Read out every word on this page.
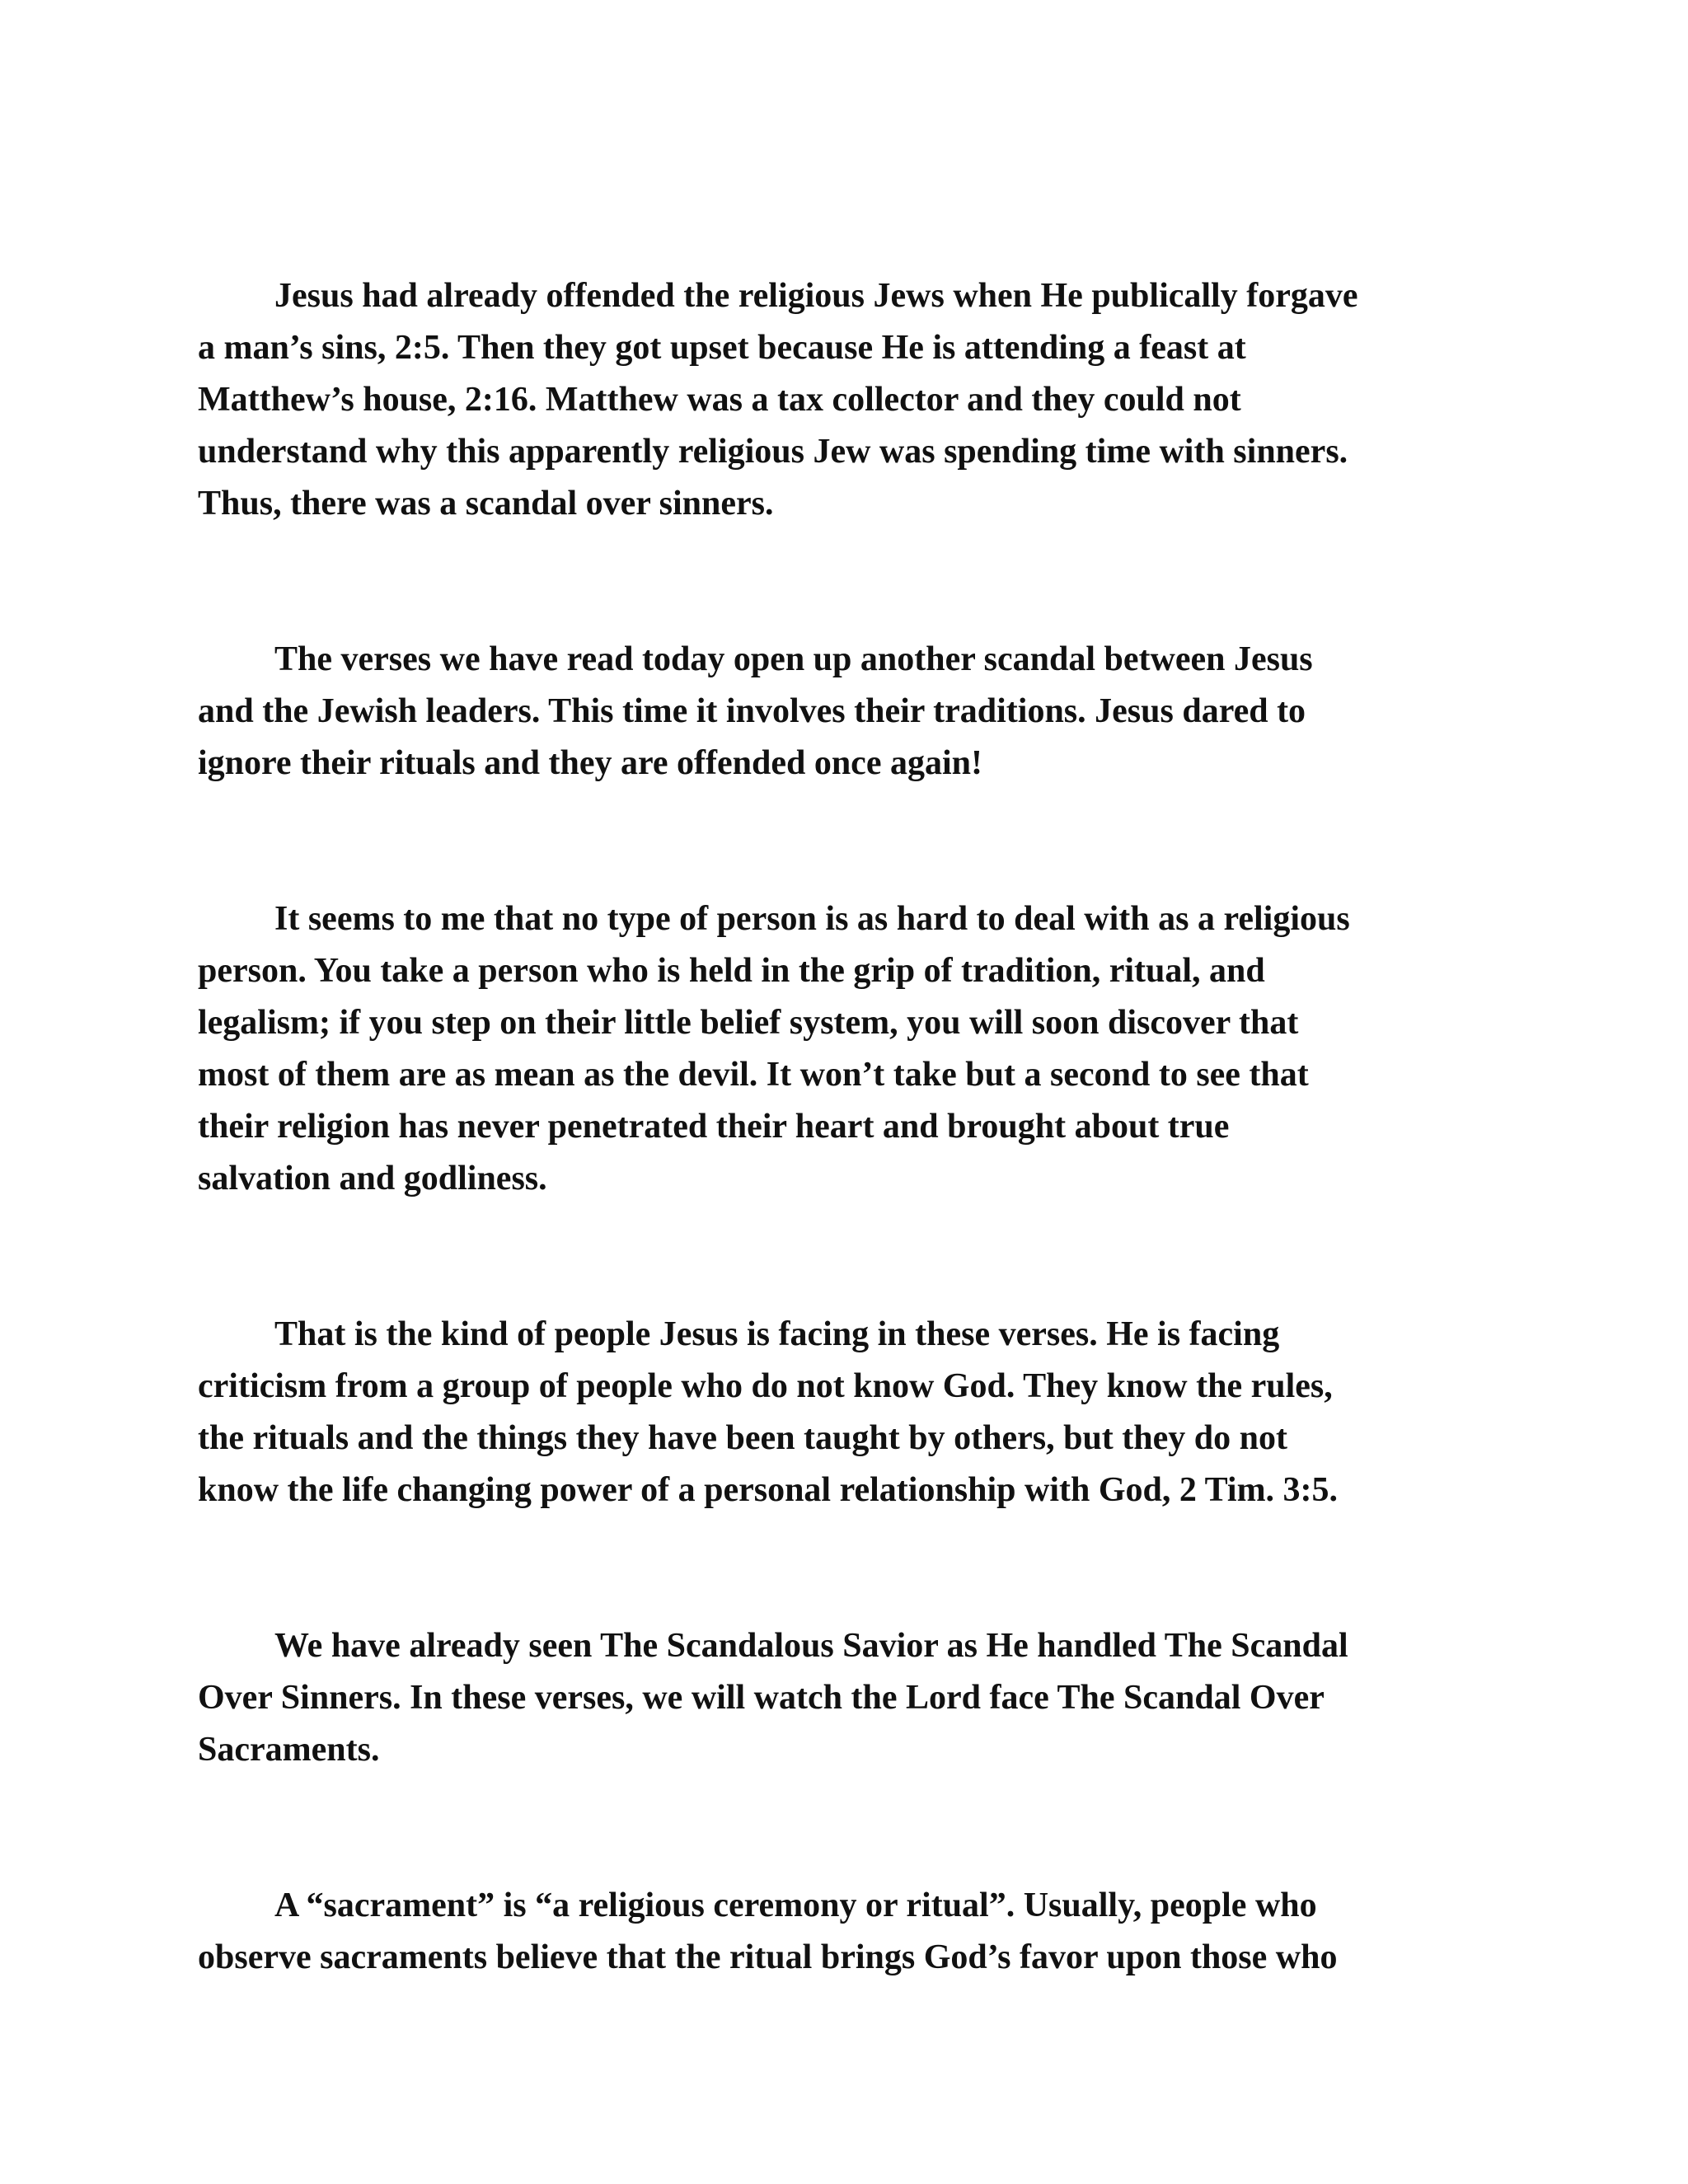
Jesus had already offended the religious Jews when He publically forgave
a man’s sins, 2:5. Then they got upset because He is attending a feast at
Matthew’s house, 2:16. Matthew was a tax collector and they could not
understand why this apparently religious Jew was spending time with sinners.
Thus, there was a scandal over sinners.

The verses we have read today open up another scandal between Jesus
and the Jewish leaders. This time it involves their traditions. Jesus dared to
ignore their rituals and they are offended once again!

It seems to me that no type of person is as hard to deal with as a religious
person. You take a person who is held in the grip of tradition, ritual, and
legalism; if you step on their little belief system, you will soon discover that
most of them are as mean as the devil. It won’t take but a second to see that
their religion has never penetrated their heart and brought about true
salvation and godliness.

That is the kind of people Jesus is facing in these verses. He is facing
criticism from a group of people who do not know God. They know the rules,
the rituals and the things they have been taught by others, but they do not
know the life changing power of a personal relationship with God, 2 Tim. 3:5.

We have already seen The Scandalous Savior as He handled The Scandal
Over Sinners. In these verses, we will watch the Lord face The Scandal Over
Sacraments.

A “sacrament” is “a religious ceremony or ritual”. Usually, people who
observe sacraments believe that the ritual brings God’s favor upon those who
